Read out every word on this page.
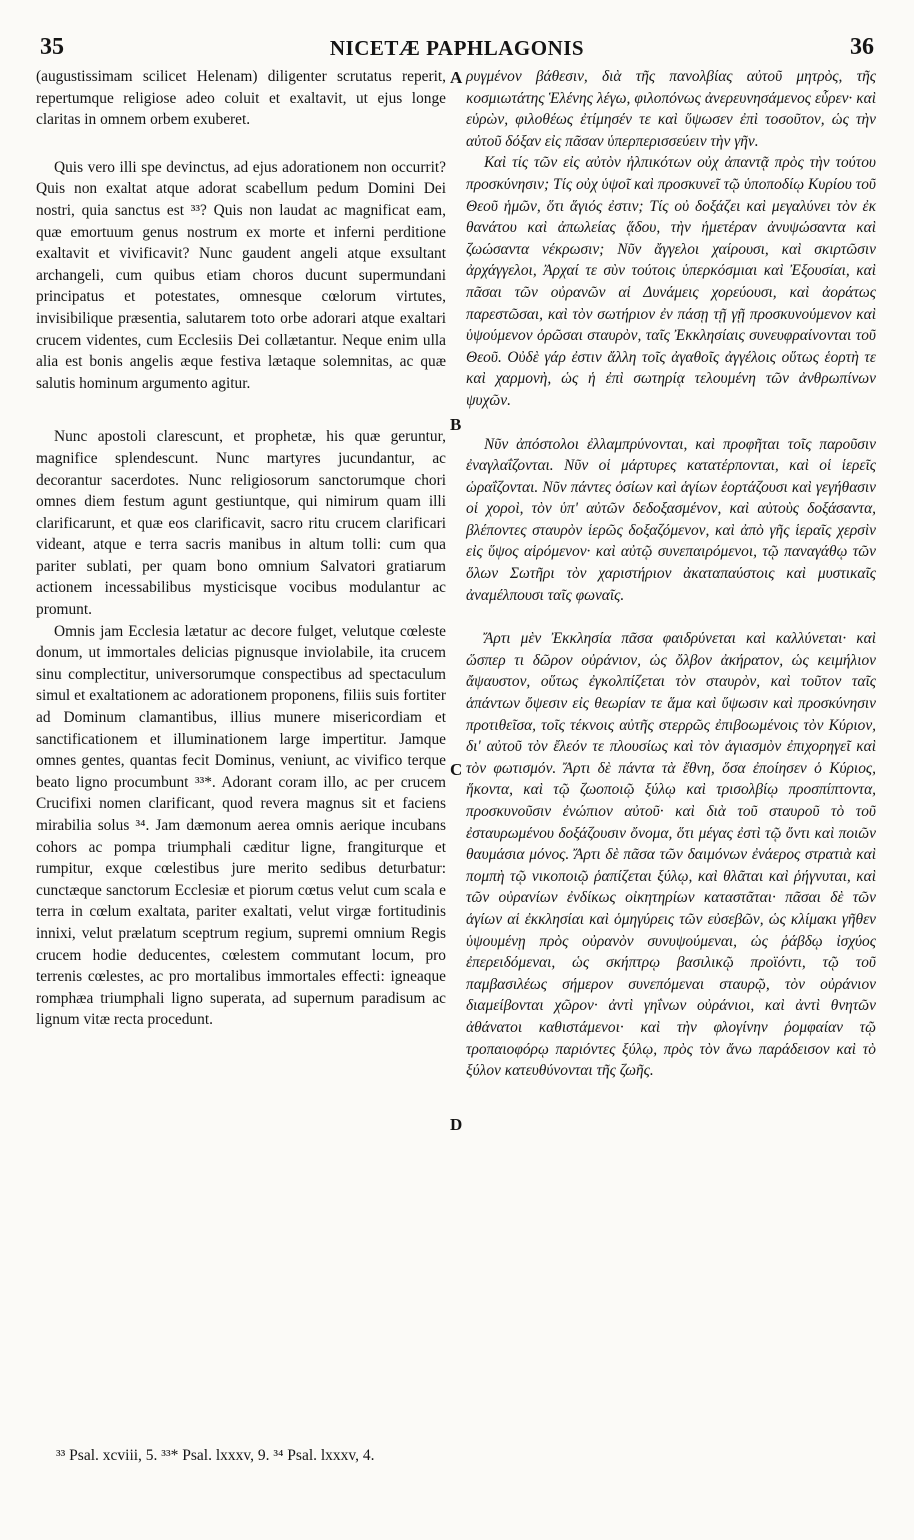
35	NICETÆ PAPHLAGONIS	36

(augustissimam scilicet Helenam) diligenter scrutatus reperit, repertumque religiose adeo coluit et exaltavit, ut ejus longe claritas in omnem orbem exuberet.

Quis vero illi spe devinctus, ad ejus adorationem non occurrit? Quis non exaltat atque adorat scabellum pedum Domini Dei nostri, quia sanctus est ³³? Quis non laudat ac magnificat eam, quæ emortuum genus nostrum ex morte et inferni perditione exaltavit et vivificavit? Nunc gaudent angeli atque exsultant archangeli, cum quibus etiam choros ducunt supermundani principatus et potestates, omnesque cœlorum virtutes, invisibilique præsentia, salutarem toto orbe adorari atque exaltari crucem videntes, cum Ecclesiis Dei collætantur. Neque enim ulla alia est bonis angelis æque festiva lætaque solemnitas, ac quæ salutis hominum argumento agitur.

Nunc apostoli clarescunt, et prophetæ, his quæ geruntur, magnifice splendescunt. Nunc martyres jucundantur, ac decorantur sacerdotes. Nunc religiosorum sanctorumque chori omnes diem festum agunt gestiuntque, qui nimirum quam illi clarificarunt, et quæ eos clarificavit, sacro ritu crucem clarificari videant, atque e terra sacris manibus in altum tolli: cum qua pariter sublati, per quam bono omnium Salvatori gratiarum actionem incessabilibus mysticisque vocibus modulantur ac promunt.

Omnis jam Ecclesia lætatur ac decore fulget, velutque cœleste donum, ut immortales delicias pignusque inviolabile, ita crucem sinu complectitur, universorumque conspectibus ad spectaculum simul et exaltationem ac adorationem proponens, filiis suis fortiter ad Dominum clamantibus, illius munere misericordiam et sanctificationem et illuminationem large impertitur. Jamque omnes gentes, quantas fecit Dominus, veniunt, ac vivifico terque beato ligno procumbunt ³³*. Adorant coram illo, ac per crucem Crucifixi nomen clarificant, quod revera magnus sit et faciens mirabilia solus ³⁴. Jam dæmonum aerea omnis aerique incubans cohors ac pompa triumphali cæditur ligne, frangiturque et rumpitur, exque cœlestibus jure merito sedibus deturbatur: cunctæque sanctorum Ecclesiæ et piorum cœtus velut cum scala e terra in cœlum exaltata, pariter exaltati, velut virgæ fortitudinis innixi, velut prælatum sceptrum regium, supremi omnium Regis crucem hodie deducentes, cœlestem commutant locum, pro terrenis cœlestes, ac pro mortalibus immortales effecti: igneaque romphæa triumphali ligno superata, ad supernum paradisum ac lignum vitæ recta procedunt.

A
B
C
D

ρυγμένον βάθεσιν, διὰ τῆς πανολβίας αὐτοῦ μητρὸς, τῆς κοσμιωτάτης Ἑλένης λέγω, φιλοπόνως ἀνερευνησάμενος εὗρεν· καὶ εὑρὼν, φιλοθέως ἐτίμησέν τε καὶ ὕψωσεν ἐπὶ τοσοῦτον, ὡς τὴν αὐτοῦ δόξαν εἰς πᾶσαν ὑπερπερισσεύειν τὴν γῆν.

Καὶ τίς τῶν εἰς αὐτὸν ἠλπικότων οὐχ ἀπαντᾷ πρὸς τὴν τούτου προσκύνησιν; Τίς οὐχ ὑψοῖ καὶ προσκυνεῖ τῷ ὑποποδίῳ Κυρίου τοῦ Θεοῦ ἡμῶν, ὅτι ἅγιός ἐστιν; Τίς οὐ δοξάζει καὶ μεγαλύνει τὸν ἐκ θανάτου καὶ ἀπωλείας ᾅδου, τὴν ἡμετέραν ἀνυψώσαντα καὶ ζωώσαντα νέκρωσιν; Νῦν ἄγγελοι χαίρουσι, καὶ σκιρτῶσιν ἀρχάγγελοι, Ἀρχαί τε σὺν τούτοις ὑπερκόσμιαι καὶ Ἐξουσίαι, καὶ πᾶσαι τῶν οὐρανῶν αἱ Δυνάμεις χορεύουσι, καὶ ἀοράτως παρεστῶσαι, καὶ τὸν σωτήριον ἐν πάσῃ τῇ γῇ προσκυνούμενον καὶ ὑψούμενον ὁρῶσαι σταυρὸν, ταῖς Ἐκκλησίαις συνευφραίνονται τοῦ Θεοῦ. Οὐδὲ γάρ ἐστιν ἄλλη τοῖς ἀγαθοῖς ἀγγέλοις οὕτως ἑορτὴ τε καὶ χαρμονὴ, ὡς ἡ ἐπὶ σωτηρίᾳ τελουμένη τῶν ἀνθρωπίνων ψυχῶν.

Νῦν ἀπόστολοι ἐλλαμπρύνονται, καὶ προφῆται τοῖς παροῦσιν ἐναγλαΐζονται. Νῦν οἱ μάρτυρες κατατέρπονται, καὶ οἱ ἱερεῖς ὡραΐζονται. Νῦν πάντες ὁσίων καὶ ἁγίων ἑορτάζουσι καὶ γεγήθασιν οἱ χοροὶ, τὸν ὑπ' αὐτῶν δεδοξασμένον, καὶ αὐτοὺς δοξάσαντα, βλέποντες σταυρὸν ἱερῶς δοξαζόμενον, καὶ ἀπὸ γῆς ἱεραῖς χερσὶν εἰς ὕψος αἱρόμενον· καὶ αὐτῷ συνεπαιρόμενοι, τῷ παναγάθῳ τῶν ὅλων Σωτῆρι τὸν χαριστήριον ἀκαταπαύστοις καὶ μυστικαῖς ἀναμέλπουσι ταῖς φωναῖς.

Ἄρτι μὲν Ἐκκλησία πᾶσα φαιδρύνεται καὶ καλλύνεται· καὶ ὥσπερ τι δῶρον οὐράνιον, ὡς ὄλβον ἀκήρατον, ὡς κειμήλιον ἄψαυστον, οὕτως ἐγκολπίζεται τὸν σταυρὸν, καὶ τοῦτον ταῖς ἁπάντων ὄψεσιν εἰς θεωρίαν τε ἅμα καὶ ὕψωσιν καὶ προσκύνησιν προτιθεῖσα, τοῖς τέκνοις αὐτῆς στερρῶς ἐπιβοωμένοις τὸν Κύριον, δι' αὐτοῦ τὸν ἔλεόν τε πλουσίως καὶ τὸν ἁγιασμὸν ἐπιχορηγεῖ καὶ τὸν φωτισμόν. Ἄρτι δὲ πάντα τὰ ἔθνη, ὅσα ἐποίησεν ὁ Κύριος, ἥκοντα, καὶ τῷ ζωοποιῷ ξύλῳ καὶ τρισολβίῳ προσπίπτοντα, προσκυνοῦσιν ἐνώπιον αὐτοῦ· καὶ διὰ τοῦ σταυροῦ τὸ τοῦ ἐσταυρωμένου δοξάζουσιν ὄνομα, ὅτι μέγας ἐστὶ τῷ ὄντι καὶ ποιῶν θαυμάσια μόνος. Ἄρτι δὲ πᾶσα τῶν δαιμόνων ἐνάερος στρατιὰ καὶ πομπὴ τῷ νικοποιῷ ῥαπίζεται ξύλῳ, καὶ θλᾶται καὶ ῥήγνυται, καὶ τῶν οὐρανίων ἐνδίκως οἰκητηρίων καταστᾶται· πᾶσαι δὲ τῶν ἁγίων αἱ ἐκκλησίαι καὶ ὁμηγύρεις τῶν εὐσεβῶν, ὡς κλίμακι γῆθεν ὑψουμένῃ πρὸς οὐρανὸν συνυψούμεναι, ὡς ῥάβδῳ ἰσχύος ἐπερειδόμεναι, ὡς σκήπτρῳ βασιλικῷ προϊόντι, τῷ τοῦ παμβασιλέως σήμερον συνεπόμεναι σταυρῷ, τὸν οὐράνιον διαμείβονται χῶρον· ἀντὶ γηΐνων οὐράνιοι, καὶ ἀντὶ θνητῶν ἀθάνατοι καθιστάμενοι· καὶ τὴν φλογίνην ῥομφαίαν τῷ τροπαιοφόρῳ παριόντες ξύλῳ, πρὸς τὸν ἄνω παράδεισον καὶ τὸ ξύλον κατευθύνονται τῆς ζωῆς.

³³ Psal. xcviii, 5. ³³* Psal. lxxxv, 9. ³⁴ Psal. lxxxv, 4.
